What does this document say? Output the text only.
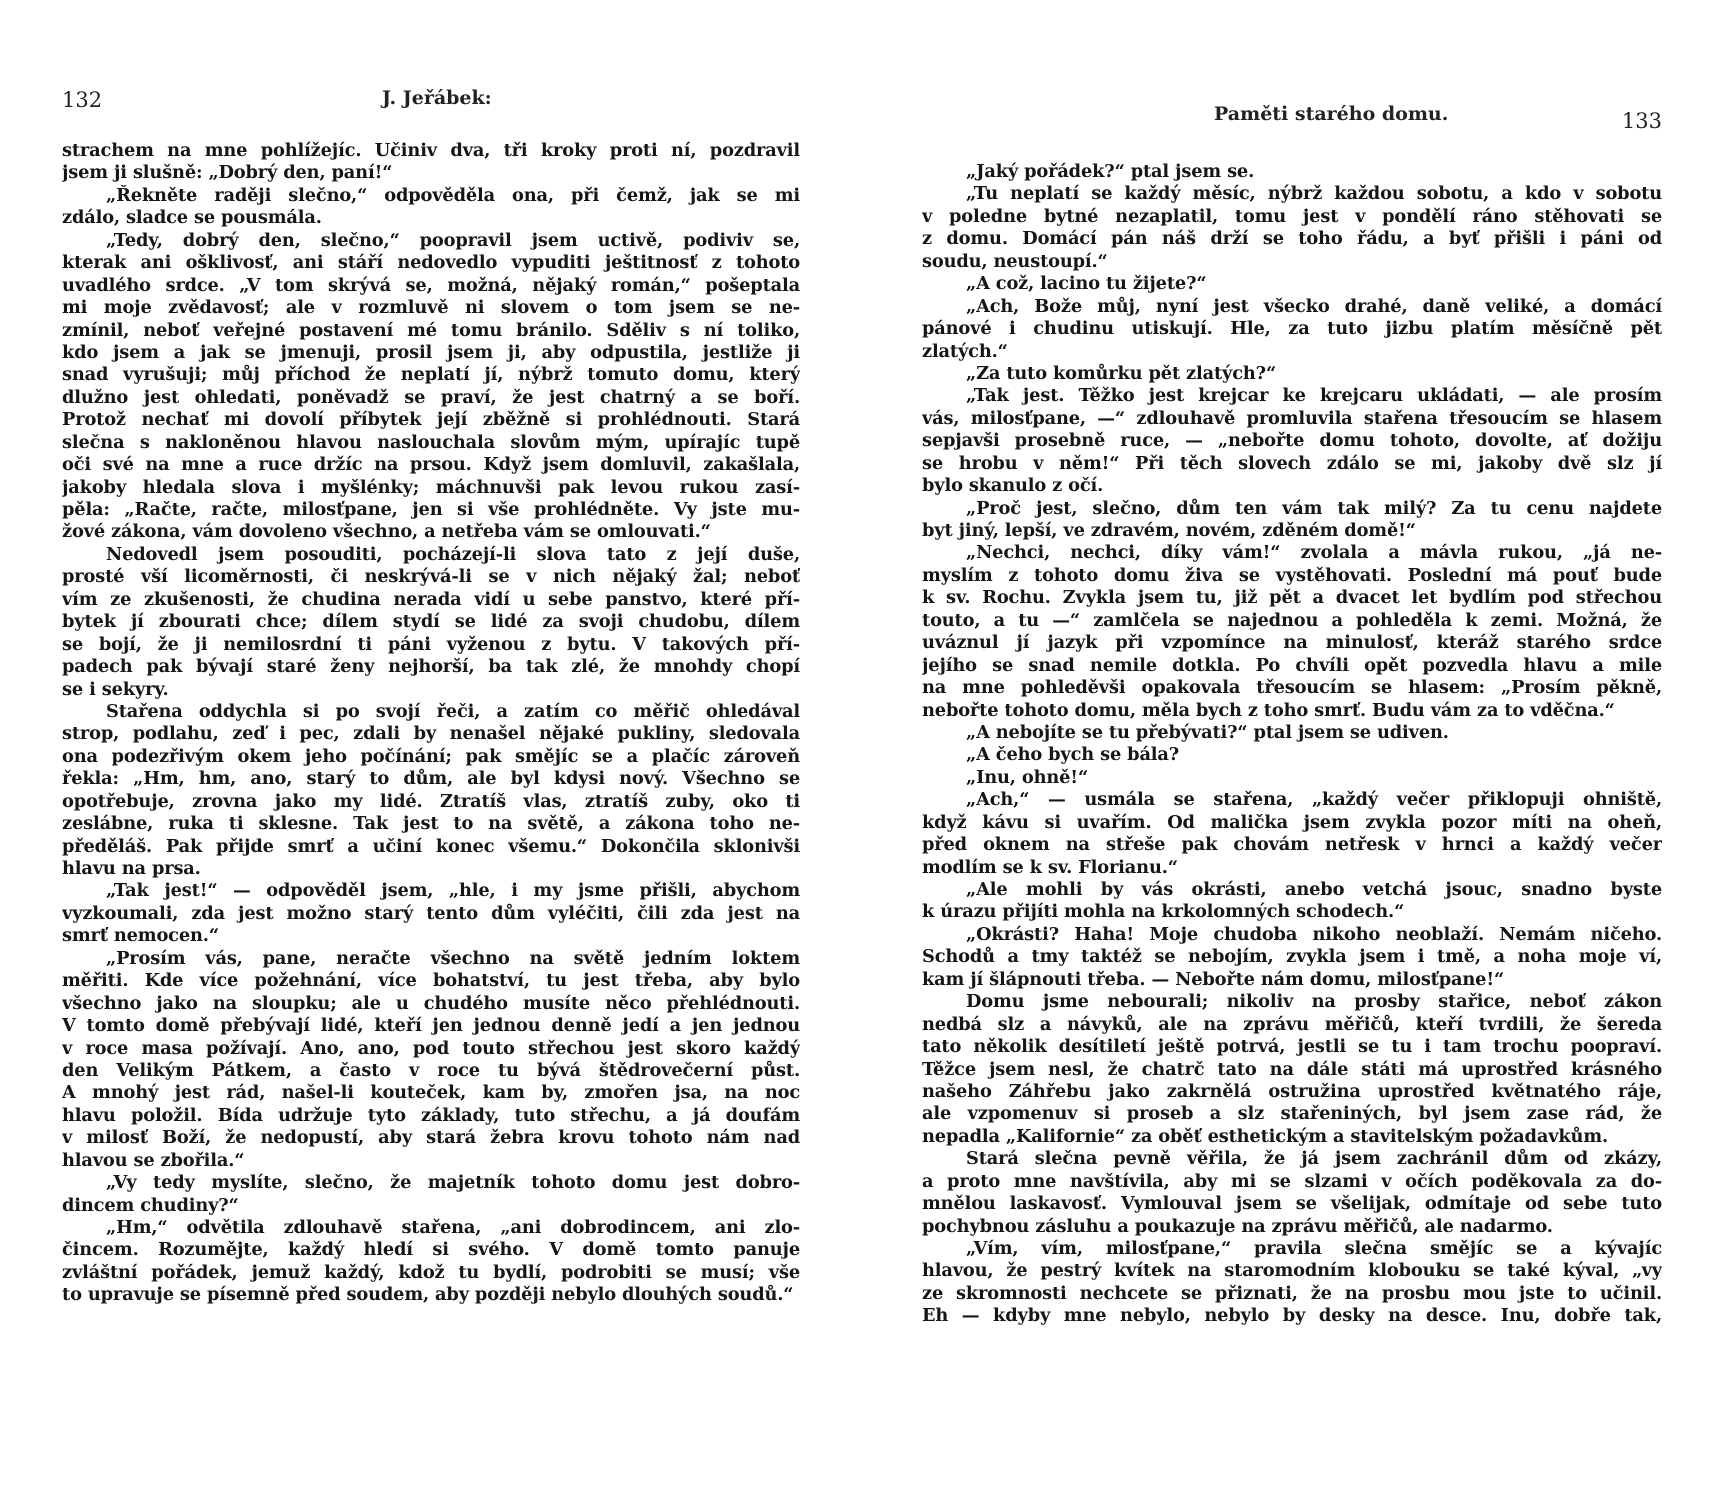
132	J. Jeřábek:
strachem na mne pohlížejíc. Učiniv dva, tři kroky proti ní, pozdravil
jsem ji slušně: „Dobrý den, paní!“
„Řekněte raději slečno,“ odpověděla ona, při čemž, jak se mi
zdálo, sladce se pousmála.
„Tedy, dobrý den, slečno,“ poopravil jsem uctivě, podiviv se,
kterak ani ošklivosť, ani stáří nedovedlo vypuditi ještitnosť z tohoto
uvadlého srdce. „V tom skrývá se, možná, nějaký román,“ pošeptala
mi moje zvědavosť; ale v rozmluvě ni slovem o tom jsem se ne-
zmínil, neboť veřejné postavení mé tomu bránilo. Sděliv s ní toliko,
kdo jsem a jak se jmenuji, prosil jsem ji, aby odpustila, jestliže ji
snad vyrušuji; můj příchod že neplatí jí, nýbrž tomuto domu, který
dlužno jest ohledati, poněvadž se praví, že jest chatrný a se boří.
Protož nechať mi dovolí příbytek její zběžně si prohlédnouti. Stará
slečna s nakloněnou hlavou naslouchala slovům mým, upírajíc tupě
oči své na mne a ruce držíc na prsou. Když jsem domluvil, zakašlala,
jakoby hledala slova i myšlénky; máchnuvši pak levou rukou zasí-
pěla: „Račte, račte, milosťpane, jen si vše prohlédněte. Vy jste mu-
žové zákona, vám dovoleno všechno, a netřeba vám se omlouvati.“
Nedovedl jsem posouditi, pocházejí-li slova tato z její duše,
prosté vší licoměrnosti, či neskrývá-li se v nich nějaký žal; neboť
vím ze zkušenosti, že chudina nerada vidí u sebe panstvo, které pří-
bytek jí zbourati chce; dílem stydí se lidé za svoji chudobu, dílem
se bojí, že ji nemilosrdní ti páni vyženou z bytu. V takových pří-
padech pak bývají staré ženy nejhorší, ba tak zlé, že mnohdy chopí
se i sekyry.
Stařena oddychla si po svojí řeči, a zatím co měřič ohledával
strop, podlahu, zeď i pec, zdali by nenašel nějaké pukliny, sledovala
ona podezřivým okem jeho počínání; pak smějíc se a plačíc zároveň
řekla: „Hm, hm, ano, starý to dům, ale byl kdysi nový. Všechno se
opotřebuje, zrovna jako my lidé. Ztratíš vlas, ztratíš zuby, oko ti
zeslábne, ruka ti sklesne. Tak jest to na světě, a zákona toho ne-
předěláš. Pak přijde smrť a učiní konec všemu.“ Dokončila sklonivši
hlavu na prsa.
„Tak jest!“ — odpověděl jsem, „hle, i my jsme přišli, abychom
vyzkoumali, zda jest možno starý tento dům vyléčiti, čili zda jest na
smrť nemocen.“
„Prosím vás, pane, neračte všechno na světě jedním loktem
měřiti. Kde více požehnání, více bohatství, tu jest třeba, aby bylo
všechno jako na sloupku; ale u chudého musíte něco přehlédnouti.
V tomto domě přebývají lidé, kteří jen jednou denně jedí a jen jednou
v roce masa požívají. Ano, ano, pod touto střechou jest skoro každý
den Velikým Pátkem, a často v roce tu bývá štědrovečerní půst.
A mnohý jest rád, našel-li kouteček, kam by, zmořen jsa, na noc
hlavu položil. Bída udržuje tyto základy, tuto střechu, a já doufám
v milosť Boží, že nedopustí, aby stará žebra krovu tohoto nám nad
hlavou se zbořila.“
„Vy tedy myslíte, slečno, že majetník tohoto domu jest dobro-
dincem chudiny?“
„Hm,“ odvětila zdlouhavě stařena, „ani dobrodincem, ani zlo-
čincem. Rozumějte, každý hledí si svého. V domě tomto panuje
zvláštní pořádek, jemuž každý, kdož tu bydlí, podrobiti se musí; vše
to upravuje se písemně před soudem, aby později nebylo dlouhých soudů.“
Paměti starého domu.	133
„Jaký pořádek?“ ptal jsem se.
„Tu neplatí se každý měsíc, nýbrž každou sobotu, a kdo v sobotu
v poledne bytné nezaplatil, tomu jest v pondělí ráno stěhovati se
z domu. Domácí pán náš drží se toho řádu, a byť přišli i páni od
soudu, neustoupí.“
„A což, lacino tu žijete?“
„Ach, Bože můj, nyní jest všecko drahé, daně veliké, a domácí
pánové i chudinu utiskují. Hle, za tuto jizbu platím měsíčně pět
zlatých.“
„Za tuto komůrku pět zlatých?“
„Tak jest. Těžko jest krejcar ke krejcaru ukládati, — ale prosím
vás, milosťpane, —“ zdlouhavě promluvila stařena třesoucím se hlasem
sepjavši prosebně ruce, — „nebořte domu tohoto, dovolte, ať dožiju
se hrobu v něm!“ Při těch slovech zdálo se mi, jakoby dvě slz jí
bylo skanulo z očí.
„Proč jest, slečno, dům ten vám tak milý? Za tu cenu najdete
byt jiný, lepší, ve zdravém, novém, zděném domě!“
„Nechci, nechci, díky vám!“ zvolala a mávla rukou, „já ne-
myslím z tohoto domu živa se vystěhovati. Poslední má pouť bude
k sv. Rochu. Zvykla jsem tu, již pět a dvacet let bydlím pod střechou
touto, a tu —“ zamlčela se najednou a pohleděla k zemi. Možná, že
uváznul jí jazyk při vzpomínce na minulosť, kteráž starého srdce
jejího se snad nemile dotkla. Po chvíli opět pozvedla hlavu a mile
na mne pohleděvši opakovala třesoucím se hlasem: „Prosím pěkně,
nebořte tohoto domu, měla bych z toho smrť. Budu vám za to vděčna.“
„A nebojíte se tu přebývati?“ ptal jsem se udiven.
„A čeho bych se bála?
„Inu, ohně!“
„Ach,“ — usmála se stařena, „každý večer přiklopuji ohniště,
když kávu si uvařím. Od malička jsem zvykla pozor míti na oheň,
před oknem na střeše pak chovám netřesk v hrnci a každý večer
modlím se k sv. Florianu.“
„Ale mohli by vás okrásti, anebo vetchá jsouc, snadno byste
k úrazu přijíti mohla na krkolomných schodech.“
„Okrásti? Haha! Moje chudoba nikoho neoblaží. Nemám ničeho.
Schodů a tmy taktéž se nebojím, zvykla jsem i tmě, a noha moje ví,
kam jí šlápnouti třeba. — Nebořte nám domu, milosťpane!“
Domu jsme nebourali; nikoliv na prosby stařice, neboť zákon
nedbá slz a návyků, ale na zprávu měřičů, kteří tvrdili, že šereda
tato několik desítiletí ještě potrvá, jestli se tu i tam trochu poopraví.
Těžce jsem nesl, že chatrč tato na dále státi má uprostřed krásného
našeho Záhřebu jako zakrnělá ostružina uprostřed květnatého ráje,
ale vzpomenuv si proseb a slz stařeniných, byl jsem zase rád, že
nepadla „Kalifornie“ za oběť esthetickým a stavitelským požadavkům.
Stará slečna pevně věřila, že já jsem zachránil dům od zkázy,
a proto mne navštívila, aby mi se slzami v očích poděkovala za do-
mnělou laskavosť. Vymlouval jsem se všelijak, odmítaje od sebe tuto
pochybnou zásluhu a poukazuje na zprávu měřičů, ale nadarmo.
„Vím, vím, milosťpane,“ pravila slečna smějíc se a kývajíc
hlavou, že pestrý kvítek na staromodním klobouku se také kýval, „vy
ze skromnosti nechcete se přiznati, že na prosbu mou jste to učinil.
Eh — kdyby mne nebylo, nebylo by desky na desce. Inu, dobře tak,
